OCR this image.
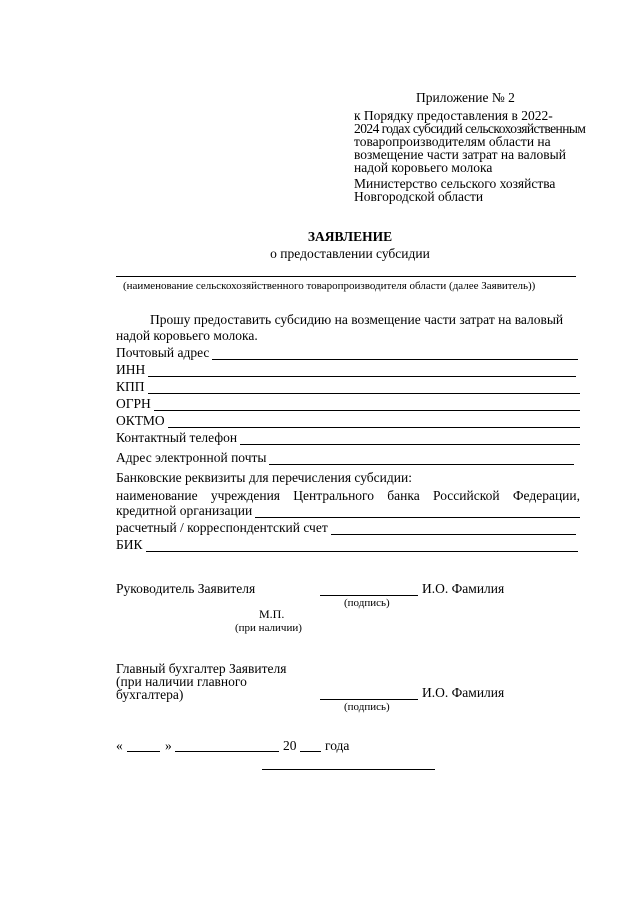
Приложение № 2
к Порядку предоставления в 2022-
2024 годах субсидий сельскохозяйственным
товаропроизводителям области на
возмещение части затрат на валовый
надой коровьего молока
Министерство сельского хозяйства
Новгородской области
ЗАЯВЛЕНИЕ
о предоставлении субсидии
(наименование сельскохозяйственного товаропроизводителя области (далее Заявитель))
Прошу предоставить субсидию на возмещение части затрат на валовый
надой коровьего молока.
Почтовый адрес
ИНН
КПП
ОГРН
ОКТМО
Контактный телефон
Адрес электронной почты
Банковские реквизиты для перечисления субсидии:
наименование учреждения Центрального банка Российской Федерации,
кредитной организации
расчетный / корреспондентский счет
БИК
Руководитель Заявителя	И.О. Фамилия
(подпись)
М.П.
(при наличии)
Главный бухгалтер Заявителя
(при наличии главного
бухгалтера)	И.О. Фамилия
(подпись)
«	»	20 года
